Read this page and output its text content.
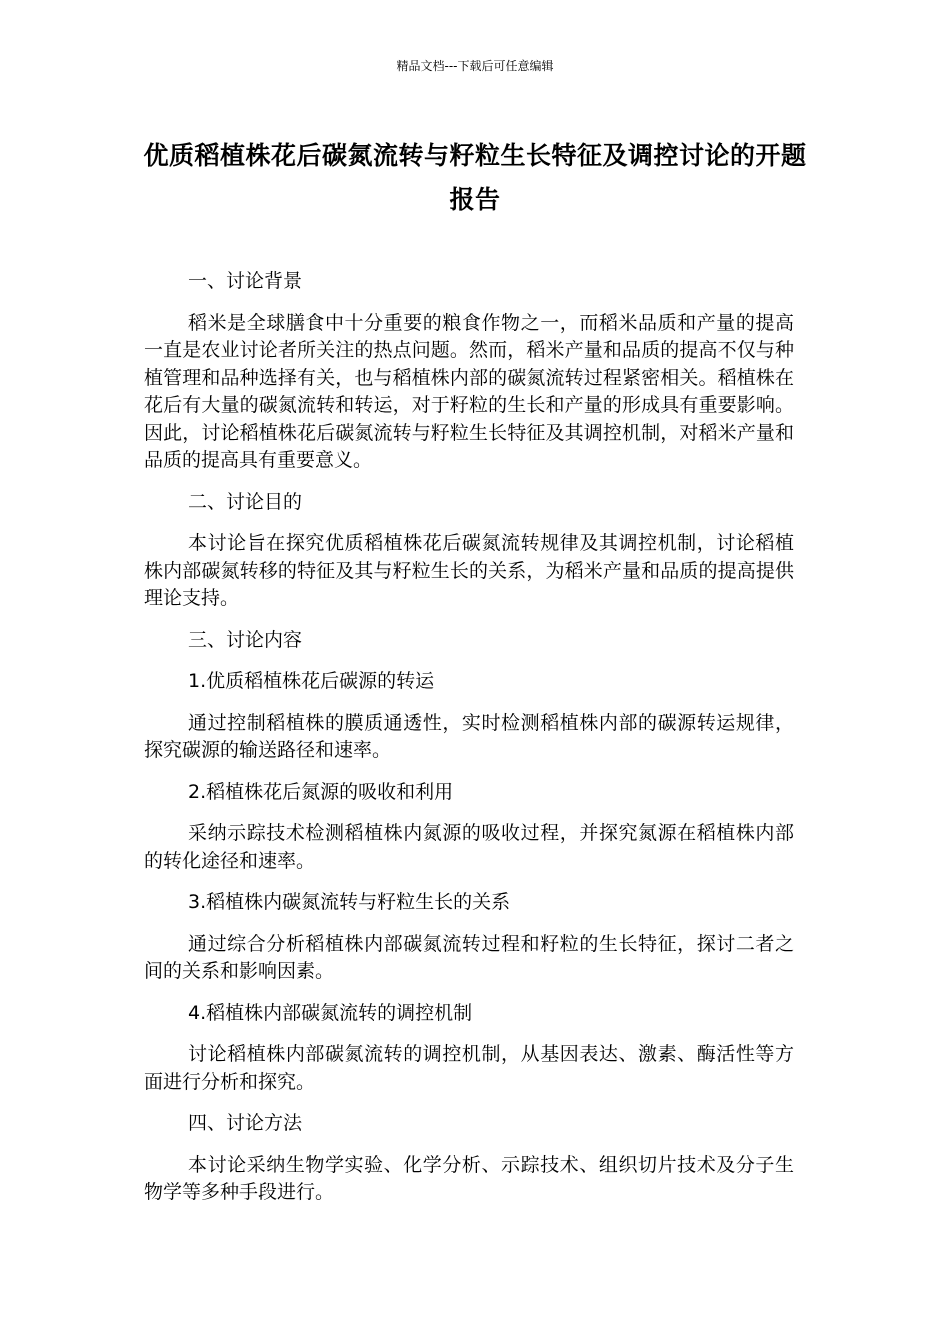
精品文档---下载后可任意编辑
优质稻植株花后碳氮流转与籽粒生长特征及调控讨论的开题报告

一、讨论背景

稻米是全球膳食中十分重要的粮食作物之一，而稻米品质和产量的提高一直是农业讨论者所关注的热点问题。然而，稻米产量和品质的提高不仅与种植管理和品种选择有关，也与稻植株内部的碳氮流转过程紧密相关。稻植株在花后有大量的碳氮流转和转运，对于籽粒的生长和产量的形成具有重要影响。因此，讨论稻植株花后碳氮流转与籽粒生长特征及其调控机制，对稻米产量和品质的提高具有重要意义。

二、讨论目的

本讨论旨在探究优质稻植株花后碳氮流转规律及其调控机制，讨论稻植株内部碳氮转移的特征及其与籽粒生长的关系，为稻米产量和品质的提高提供理论支持。

三、讨论内容

1.优质稻植株花后碳源的转运

通过控制稻植株的膜质通透性，实时检测稻植株内部的碳源转运规律，探究碳源的输送路径和速率。

2.稻植株花后氮源的吸收和利用

采纳示踪技术检测稻植株内氮源的吸收过程，并探究氮源在稻植株内部的转化途径和速率。

3.稻植株内碳氮流转与籽粒生长的关系

通过综合分析稻植株内部碳氮流转过程和籽粒的生长特征，探讨二者之间的关系和影响因素。

4.稻植株内部碳氮流转的调控机制

讨论稻植株内部碳氮流转的调控机制，从基因表达、激素、酶活性等方面进行分析和探究。

四、讨论方法

本讨论采纳生物学实验、化学分析、示踪技术、组织切片技术及分子生物学等多种手段进行。
